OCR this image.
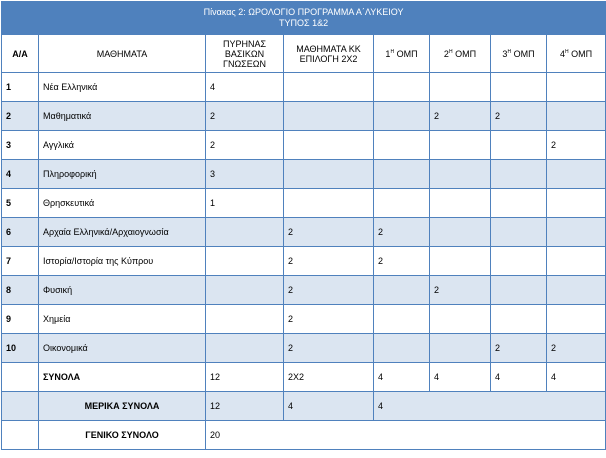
Πίνακας 2: ΩΡΟΛΟΓΙΟ ΠΡΟΓΡΑΜΜΑ Α΄ΛΥΚΕΙΟΥ
ΤΥΠΟΣ 1&2							
Α/Α	ΜΑΘΗΜΑΤΑ	ΠΥΡΗΝΑΣ ΒΑΣΙΚΩΝ ΓΝΩΣΕΩΝ	ΜΑΘΗΜΑΤΑ ΚΚ ΕΠΙΛΟΓΗ 2Χ2	$1^H$ ΟΜΠ	$2^H$ ΟΜΠ	$3^H$ ΟΜΠ	$4^H$ ΟΜΠ
1	Νέα Ελληνικά	4					
2	Μαθηματικά	2			2	2	
3	Αγγλικά	2					2
4	Πληροφορική	3					
5	Θρησκευτικά	1					
6	Αρχαία Ελληνικά/Αρχαιογνωσία		2	2			
7	Ιστορία/Ιστορία της Κύπρου		2	2			
8	Φυσική		2		2		
9	Χημεία		2				
10	Οικονομικά		2			2	2
	ΣΥΝΟΛΑ	12	2Χ2	4	4	4	4
	ΜΕΡΙΚΑ ΣΥΝΟΛΑ	12	4	4			
	ΓΕΝΙΚΟ ΣΥΝΟΛΟ	20					
